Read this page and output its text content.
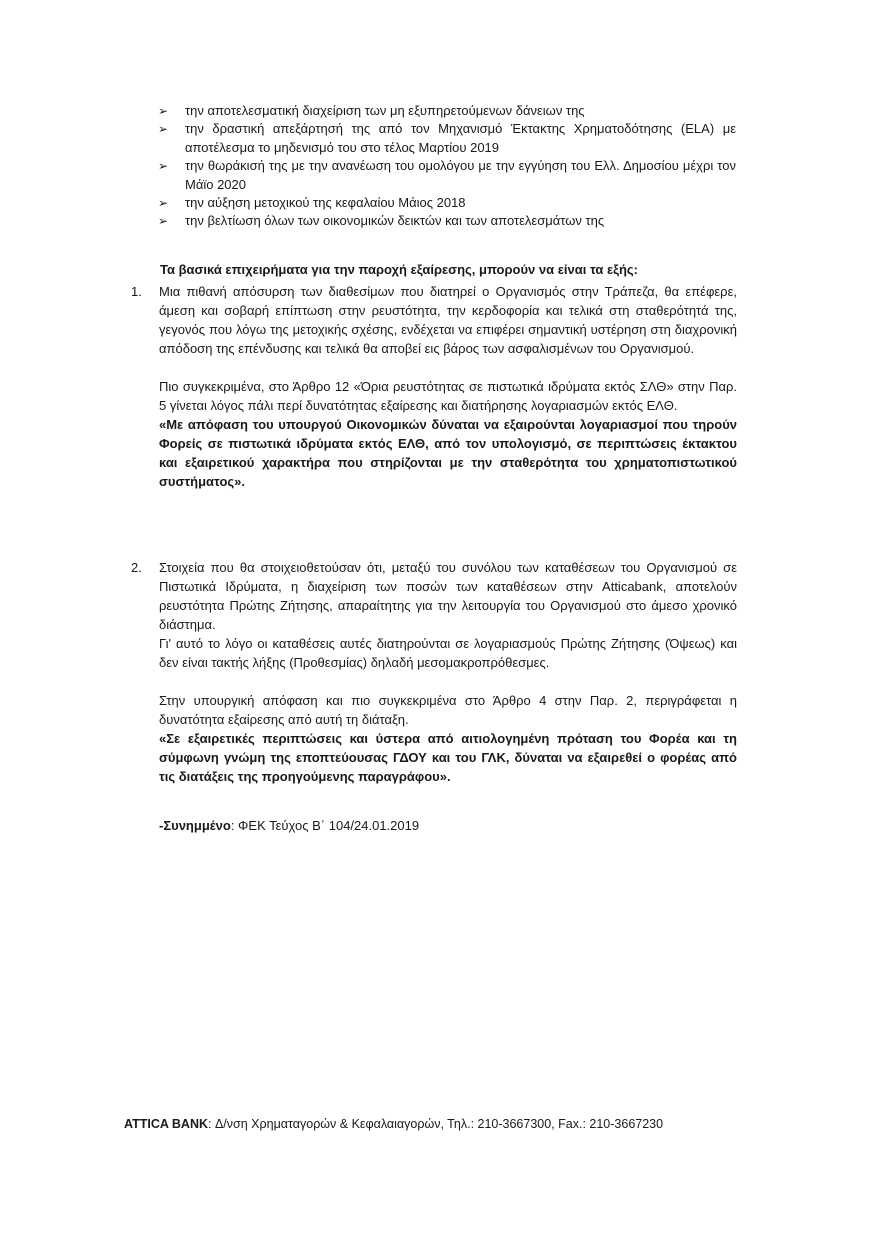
➢ την αποτελεσματική διαχείριση των μη εξυπηρετούμενων δάνειων της
➢ την δραστική απεξάρτησή της από τον Μηχανισμό Έκτακτης Χρηματοδότησης (ELA) με αποτέλεσμα το μηδενισμό του στο τέλος Μαρτίου 2019
➢ την θωράκισή της με την ανανέωση του ομολόγου με την εγγύηση του Ελλ. Δημοσίου μέχρι τον Μάϊο 2020
➢ την αύξηση μετοχικού της κεφαλαίου Μάιος 2018
➢ την βελτίωση όλων των οικονομικών δεικτών και των αποτελεσμάτων της

Τα βασικά επιχειρήματα για την παροχή εξαίρεσης, μπορούν να είναι τα εξής:

1. Μια πιθανή απόσυρση των διαθεσίμων που διατηρεί ο Οργανισμός στην Τράπεζα, θα επέφερε, άμεση και σοβαρή επίπτωση στην ρευστότητα, την κερδοφορία και τελικά στη σταθερότητά της, γεγονός που λόγω της μετοχικής σχέσης, ενδέχεται να επιφέρει σημαντική υστέρηση στη διαχρονική απόδοση της επένδυσης και τελικά θα αποβεί εις βάρος των ασφαλισμένων του Οργανισμού.

Πιο συγκεκριμένα, στο Άρθρο 12 «Όρια ρευστότητας σε πιστωτικά ιδρύματα εκτός ΣΛΘ» στην Παρ. 5 γίνεται λόγος πάλι περί δυνατότητας εξαίρεσης και διατήρησης λογαριασμών εκτός ΕΛΘ.

«Με απόφαση του υπουργού Οικονομικών δύναται να εξαιρούνται λογαριασμοί που τηρούν Φορείς σε πιστωτικά ιδρύματα εκτός ΕΛΘ, από τον υπολογισμό, σε περιπτώσεις έκτακτου και εξαιρετικού χαρακτήρα που στηρίζονται με την σταθερότητα του χρηματοπιστωτικού συστήματος».

2. Στοιχεία που θα στοιχειοθετούσαν ότι, μεταξύ του συνόλου των καταθέσεων του Οργανισμού σε Πιστωτικά Ιδρύματα, η διαχείριση των ποσών των καταθέσεων στην Atticabank, αποτελούν ρευστότητα Πρώτης Ζήτησης, απαραίτητης για την λειτουργία του Οργανισμού στο άμεσο χρονικό διάστημα.

Γι' αυτό το λόγο οι καταθέσεις αυτές διατηρούνται σε λογαριασμούς Πρώτης Ζήτησης (Όψεως) και δεν είναι τακτής λήξης (Προθεσμίας) δηλαδή μεσομακροπρόθεσμες.

Στην υπουργική απόφαση και πιο συγκεκριμένα στο Άρθρο 4 στην Παρ. 2, περιγράφεται η δυνατότητα εξαίρεσης από αυτή τη διάταξη.

«Σε εξαιρετικές περιπτώσεις και ύστερα από αιτιολογημένη πρόταση του Φορέα και τη σύμφωνη γνώμη της εποπτεύουσας ΓΔΟΥ και του ΓΛΚ, δύναται να εξαιρεθεί ο φορέας από τις διατάξεις της προηγούμενης παραγράφου».

-Συνημμένο: ΦΕΚ Τεύχος Β΄ 104/24.01.2019

ATTICA BANK: Δ/νση Χρηματαγορών & Κεφαλαιαγορών, Τηλ.: 210-3667300, Fax.: 210-3667230
